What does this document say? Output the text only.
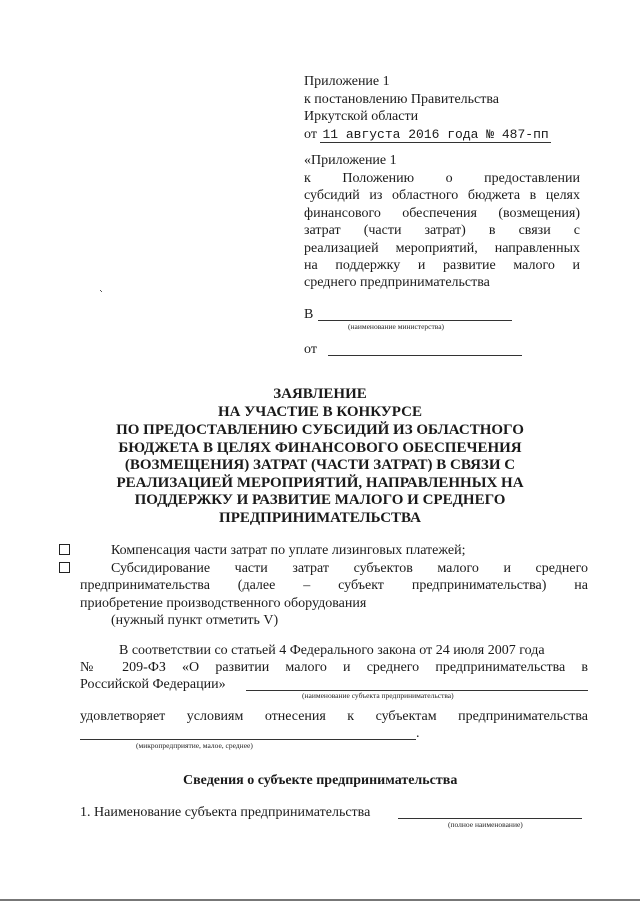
Приложение 1
к постановлению Правительства
Иркутской области
от 11 августа 2016 года № 487-пп
«Приложение 1
к Положению о предоставлении
субсидий из областного бюджета в целях
финансового обеспечения (возмещения)
затрат (части затрат) в связи с
реализацией мероприятий, направленных
на поддержку и развитие малого и
среднего предпринимательства
В
(наименование министерства)
от
ЗАЯВЛЕНИЕ
НА УЧАСТИЕ В КОНКУРСЕ
ПО ПРЕДОСТАВЛЕНИЮ СУБСИДИЙ ИЗ ОБЛАСТНОГО
БЮДЖЕТА В ЦЕЛЯХ ФИНАНСОВОГО ОБЕСПЕЧЕНИЯ
(ВОЗМЕЩЕНИЯ) ЗАТРАТ (ЧАСТИ ЗАТРАТ) В СВЯЗИ С
РЕАЛИЗАЦИЕЙ МЕРОПРИЯТИЙ, НАПРАВЛЕННЫХ НА
ПОДДЕРЖКУ И РАЗВИТИЕ МАЛОГО И СРЕДНЕГО
ПРЕДПРИНИМАТЕЛЬСТВА
Компенсация части затрат по уплате лизинговых платежей;
Субсидирование части затрат субъектов малого и среднего
предпринимательства (далее – субъект предпринимательства) на
приобретение производственного оборудования
(нужный пункт отметить V)
В соответствии со статьей 4 Федерального закона от 24 июля 2007 года
№ 209-ФЗ «О развитии малого и среднего предпринимательства в
Российской Федерации»
(наименование субъекта предпринимательства)
удовлетворяет условиям отнесения к субъектам предпринимательства
.
(микропредприятие, малое, среднее)
Сведения о субъекте предпринимательства
1. Наименование субъекта предпринимательства
(полное наименование)
